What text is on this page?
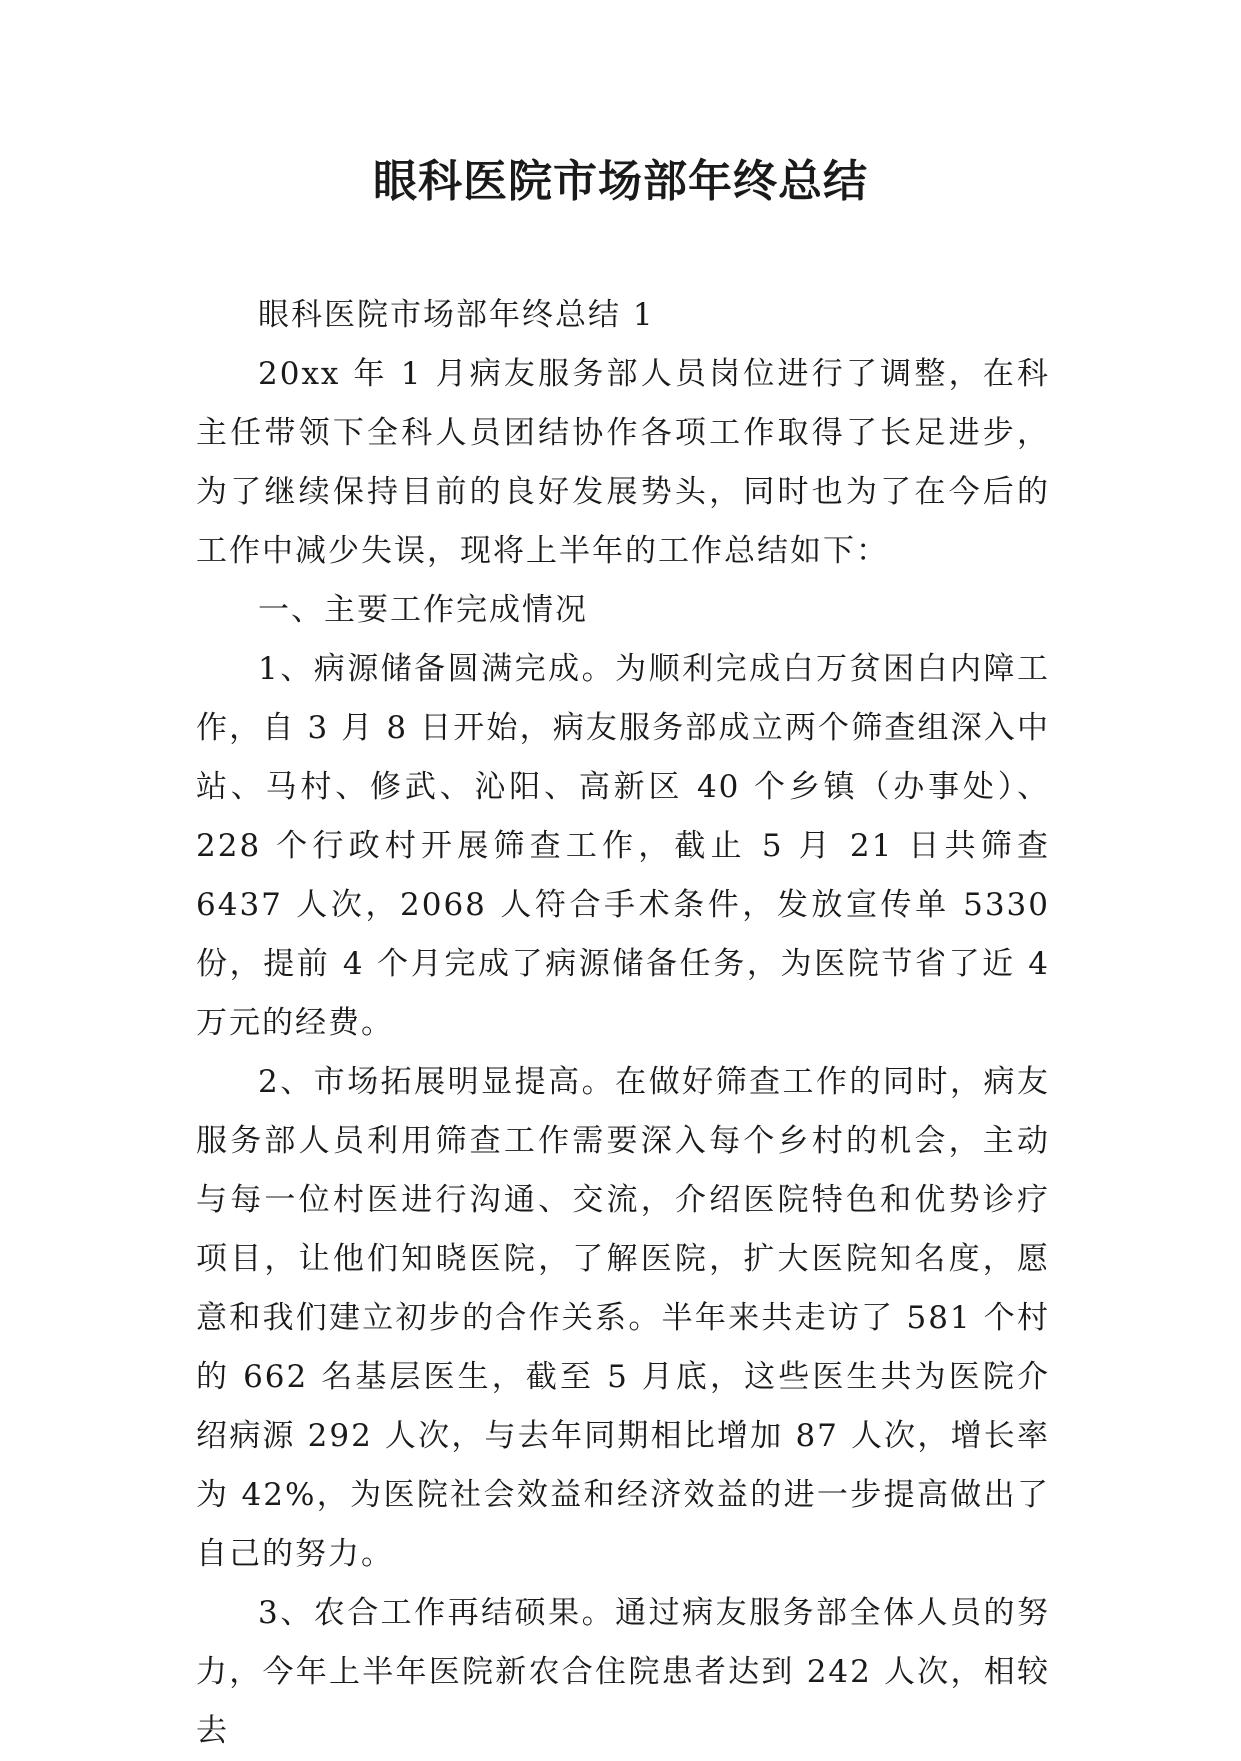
眼科医院市场部年终总结

眼科医院市场部年终总结 1

20xx 年 1 月病友服务部人员岗位进行了调整，在科主任带领下全科人员团结协作各项工作取得了长足进步，为了继续保持目前的良好发展势头，同时也为了在今后的工作中减少失误，现将上半年的工作总结如下：

一、主要工作完成情况

1、病源储备圆满完成。为顺利完成白万贫困白内障工作，自 3 月 8 日开始，病友服务部成立两个筛查组深入中站、马村、修武、沁阳、高新区 40 个乡镇（办事处）、228 个行政村开展筛查工作，截止 5 月 21 日共筛查 6437 人次，2068 人符合手术条件，发放宣传单 5330 份，提前 4 个月完成了病源储备任务，为医院节省了近 4 万元的经费。

2、市场拓展明显提高。在做好筛查工作的同时，病友服务部人员利用筛查工作需要深入每个乡村的机会，主动与每一位村医进行沟通、交流，介绍医院特色和优势诊疗项目，让他们知晓医院，了解医院，扩大医院知名度，愿意和我们建立初步的合作关系。半年来共走访了 581 个村的 662 名基层医生，截至 5 月底，这些医生共为医院介绍病源 292 人次，与去年同期相比增加 87 人次，增长率为 42%，为医院社会效益和经济效益的进一步提高做出了自己的努力。

3、农合工作再结硕果。通过病友服务部全体人员的努力，今年上半年医院新农合住院患者达到 242 人次，相较去
